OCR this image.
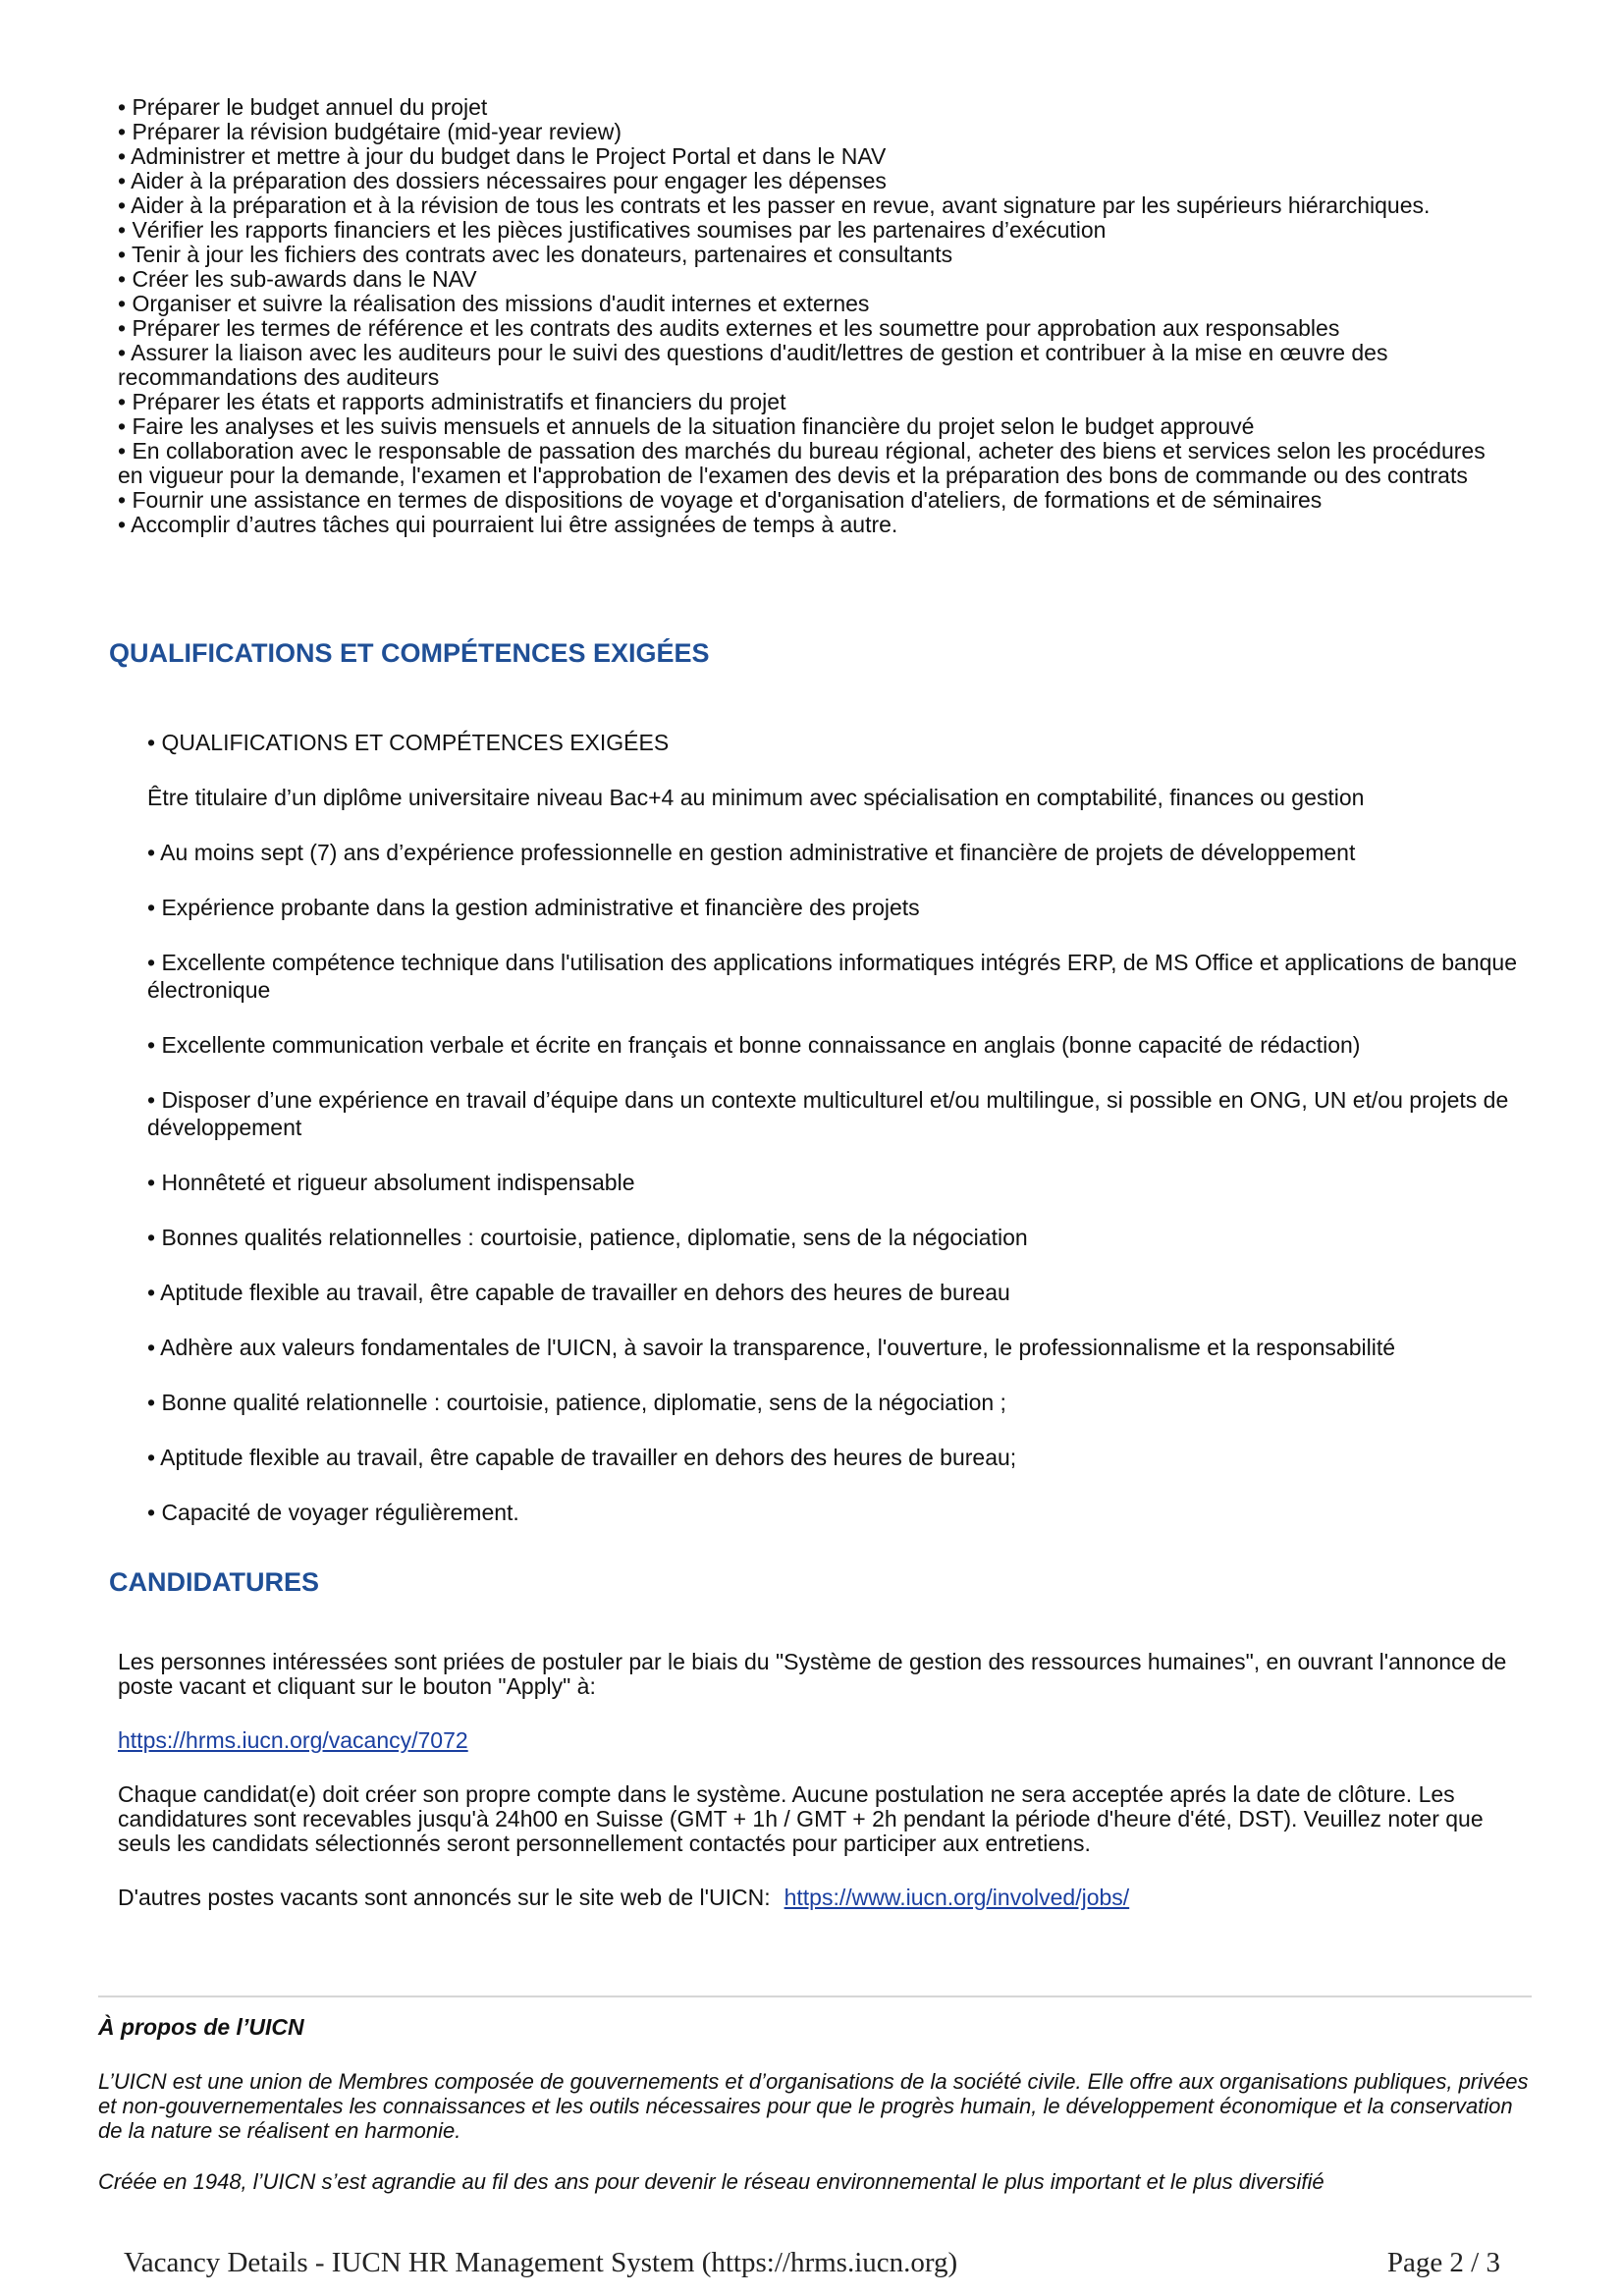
• Préparer le budget annuel du projet
• Préparer la révision budgétaire (mid-year review)
• Administrer et mettre à jour du budget dans le Project Portal et dans le NAV
• Aider à la préparation des dossiers nécessaires pour engager les dépenses
• Aider à la préparation et à la révision de tous les contrats et les passer en revue, avant signature par les supérieurs hiérarchiques.
• Vérifier les rapports financiers et les pièces justificatives soumises par les partenaires d’exécution
• Tenir à jour les fichiers des contrats avec les donateurs, partenaires et consultants
• Créer les sub-awards dans le NAV
• Organiser et suivre la réalisation des missions d'audit internes et externes
• Préparer les termes de référence et les contrats des audits externes et les soumettre pour approbation aux responsables
• Assurer la liaison avec les auditeurs pour le suivi des questions d'audit/lettres de gestion et contribuer à la mise en œuvre des recommandations des auditeurs
• Préparer les états et rapports administratifs et financiers du projet
• Faire les analyses et les suivis mensuels et annuels de la situation financière du projet selon le budget approuvé
• En collaboration avec le responsable de passation des marchés du bureau régional, acheter des biens et services selon les procédures en vigueur pour la demande, l'examen et l'approbation de l'examen des devis et la préparation des bons de commande ou des contrats
• Fournir une assistance en termes de dispositions de voyage et d'organisation d'ateliers, de formations et de séminaires
• Accomplir d’autres tâches qui pourraient lui être assignées de temps à autre.
QUALIFICATIONS ET COMPÉTENCES EXIGÉES
• QUALIFICATIONS ET COMPÉTENCES EXIGÉES
Être titulaire d’un diplôme universitaire niveau Bac+4 au minimum avec spécialisation en comptabilité, finances ou gestion
• Au moins sept (7) ans d’expérience professionnelle en gestion administrative et financière de projets de développement
• Expérience probante dans la gestion administrative et financière des projets
• Excellente compétence technique dans l'utilisation des applications informatiques intégrés ERP, de MS Office et applications de banque électronique
• Excellente communication verbale et écrite en français et bonne connaissance en anglais (bonne capacité de rédaction)
• Disposer d’une expérience en travail d’équipe dans un contexte multiculturel et/ou multilingue, si possible en ONG, UN et/ou projets de développement
• Honnêteté et rigueur absolument indispensable
• Bonnes qualités relationnelles : courtoisie, patience, diplomatie, sens de la négociation
• Aptitude flexible au travail, être capable de travailler en dehors des heures de bureau
• Adhère aux valeurs fondamentales de l'UICN, à savoir la transparence, l'ouverture, le professionnalisme et la responsabilité
• Bonne qualité relationnelle : courtoisie, patience, diplomatie, sens de la négociation ;
• Aptitude flexible au travail, être capable de travailler en dehors des heures de bureau;
• Capacité de voyager régulièrement.
CANDIDATURES

Les personnes intéressées sont priées de postuler par le biais du "Système de gestion des ressources humaines", en ouvrant l'annonce de poste vacant et cliquant sur le bouton "Apply" à:

https://hrms.iucn.org/vacancy/7072

Chaque candidat(e) doit créer son propre compte dans le système. Aucune postulation ne sera acceptée aprés la date de clôture. Les candidatures sont recevables jusqu'à 24h00 en Suisse (GMT + 1h / GMT + 2h pendant la période d'heure d'été, DST). Veuillez noter que seuls les candidats sélectionnés seront personnellement contactés pour participer aux entretiens.

D'autres postes vacants sont annoncés sur le site web de l'UICN: https://www.iucn.org/involved/jobs/

À propos de l’UICN

L’UICN est une union de Membres composée de gouvernements et d’organisations de la société civile. Elle offre aux organisations publiques, privées et non-gouvernementales les connaissances et les outils nécessaires pour que le progrès humain, le développement économique et la conservation de la nature se réalisent en harmonie.

Créée en 1948, l’UICN s’est agrandie au fil des ans pour devenir le réseau environnemental le plus important et le plus diversifié

Vacancy Details - IUCN HR Management System (https://hrms.iucn.org)	Page 2 / 3
